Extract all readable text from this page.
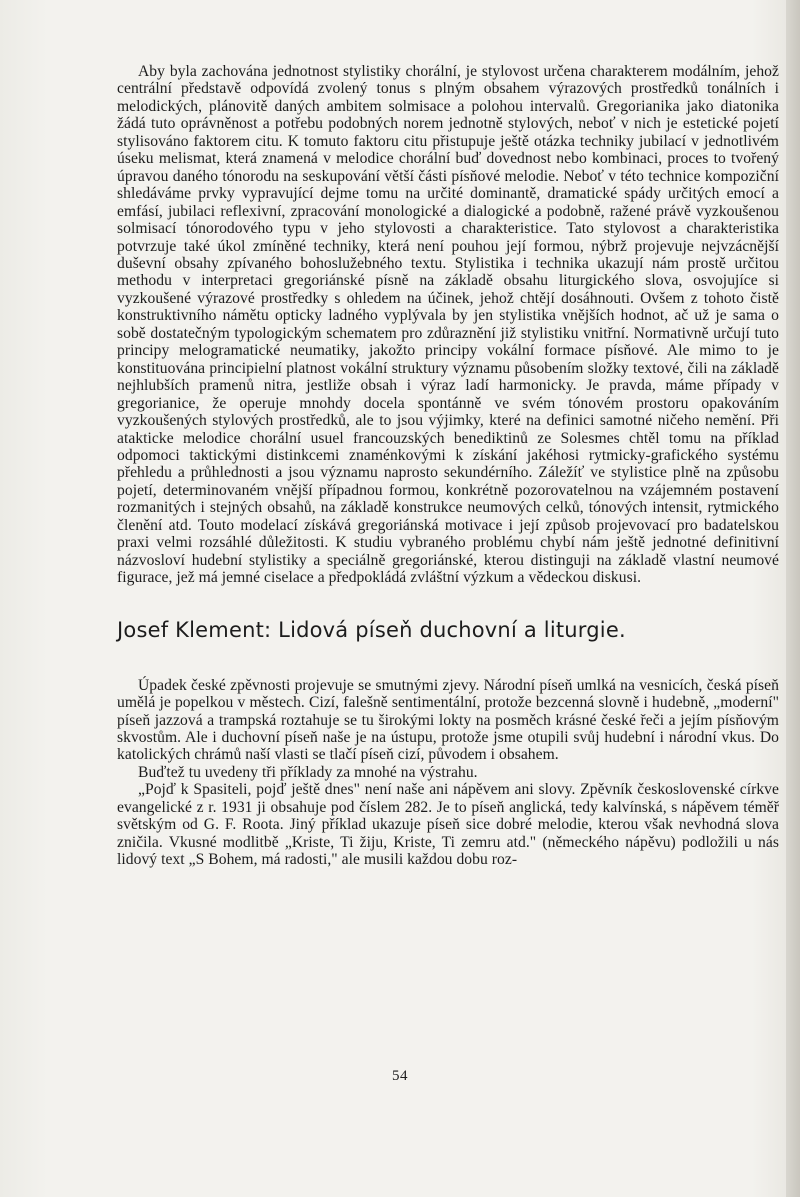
Aby byla zachována jednotnost stylistiky chorální, je stylovost určena charakterem modálním, jehož centrální představě odpovídá zvolený tonus s plným obsahem výrazových prostředků tonálních i melodických, plánovitě daných ambitem solmisace a polohou intervalů. Gregorianika jako diatonika žádá tuto oprávněnost a potřebu podobných norem jednotně stylových, neboť v nich je estetické pojetí stylisováno faktorem citu. K tomuto faktoru citu přistupuje ještě otázka techniky jubilací v jednotlivém úseku melismat, která znamená v melodice chorální buď dovednost nebo kombinaci, proces to tvořený úpravou daného tónorodu na seskupování větší části písňové melodie. Neboť v této technice kompoziční shledáváme prvky vypravující dejme tomu na určité dominantě, dramatické spády určitých emocí a emfásí, jubilaci reflexivní, zpracování monologické a dialogické a podobně, ražené právě vyzkoušenou solmisací tónorodového typu v jeho stylovosti a charakteristice. Tato stylovost a charakteristika potvrzuje také úkol zmíněné techniky, která není pouhou její formou, nýbrž projevuje nejvzácnější duševní obsahy zpívaného bohoslužebného textu. Stylistika i technika ukazují nám prostě určitou methodu v interpretaci gregoriánské písně na základě obsahu liturgického slova, osvojujíce si vyzkoušené výrazové prostředky s ohledem na účinek, jehož chtějí dosáhnouti. Ovšem z tohoto čistě konstruktivního námětu opticky ladného vyplývala by jen stylistika vnějších hodnot, ač už je sama o sobě dostatečným typologickým schematem pro zdůraznění již stylistiku vnitřní. Normativně určují tuto principy melogramatické neumatiky, jakožto principy vokální formace písňové. Ale mimo to je konstituována principielní platnost vokální struktury významu působením složky textové, čili na základě nejhlubších pramenů nitra, jestliže obsah i výraz ladí harmonicky. Je pravda, máme případy v gregorianice, že operuje mnohdy docela spontánně ve svém tónovém prostoru opakováním vyzkoušených stylových prostředků, ale to jsou výjimky, které na definici samotné ničeho nemění. Při atakticke melodice chorální usuel francouzských benediktinů ze Solesmes chtěl tomu na příklad odpomoci taktickými distinkcemi znaménkovými k získání jakéhosi rytmicky-grafického systému přehledu a průhlednosti a jsou významu naprosto sekundérního. Záležíť ve stylistice plně na způsobu pojetí, determinovaném vnější případnou formou, konkrétně pozorovatelnou na vzájemném postavení rozmanitých i stejných obsahů, na základě konstrukce neumových celků, tónových intensit, rytmického členění atd. Touto modelací získává gregoriánská motivace i její způsob projevovací pro badatelskou praxi velmi rozsáhlé důležitosti. K studiu vybraného problému chybí nám ještě jednotné definitivní názvosloví hudební stylistiky a speciálně gregoriánské, kterou distinguji na základě vlastní neumové figurace, jež má jemné ciselace a předpokládá zvláštní výzkum a vědeckou diskusi.

Josef Klement: Lidová píseň duchovní a liturgie.

Úpadek české zpěvnosti projevuje se smutnými zjevy. Národní píseň umlká na vesnicích, česká píseň umělá je popelkou v městech. Cizí, falešně sentimentální, protože bezcenná slovně i hudebně, „moderní" píseň jazzová a trampská roztahuje se tu širokými lokty na posměch krásné české řeči a jejím písňovým skvostům. Ale i duchovní píseň naše je na ústupu, protože jsme otupili svůj hudební i národní vkus. Do katolických chrámů naší vlasti se tlačí píseň cizí, původem i obsahem.

Buďtež tu uvedeny tři příklady za mnohé na výstrahu.

„Pojď k Spasiteli, pojď ještě dnes" není naše ani nápěvem ani slovy. Zpěvník československé církve evangelické z r. 1931 ji obsahuje pod číslem 282. Je to píseň anglická, tedy kalvínská, s nápěvem téměř světským od G. F. Roota. Jiný příklad ukazuje píseň sice dobré melodie, kterou však nevhodná slova zničila. Vkusné modlitbě „Kriste, Ti žiju, Kriste, Ti zemru atd." (německého nápěvu) podložili u nás lidový text „S Bohem, má radosti," ale musili každou dobu roz-

54
